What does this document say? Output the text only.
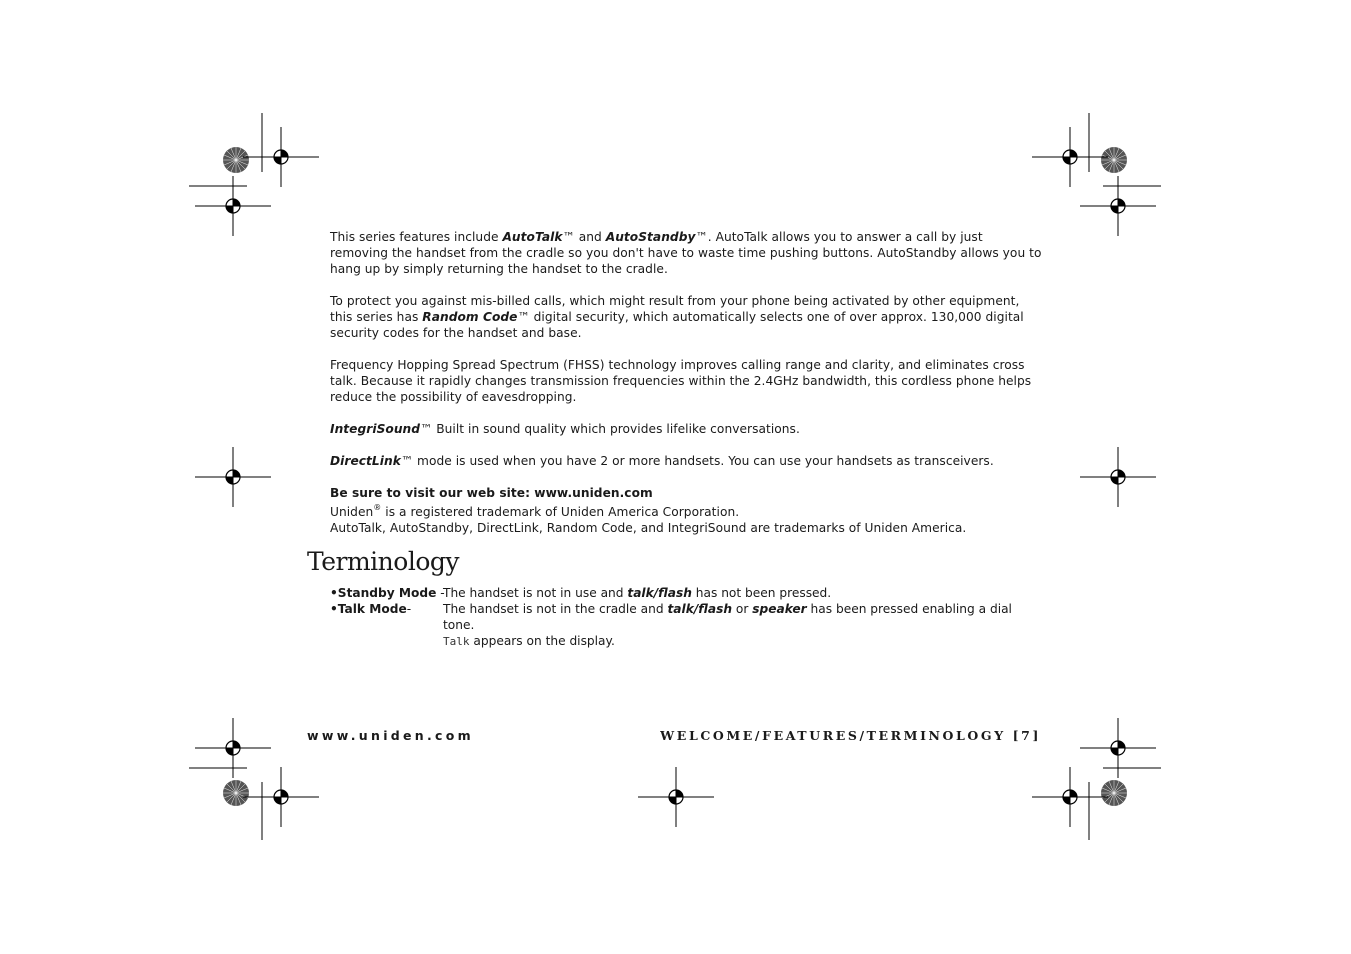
This series features include AutoTalk™ and AutoStandby™. AutoTalk allows you to answer a call by just removing the handset from the cradle so you don't have to waste time pushing buttons. AutoStandby allows you to hang up by simply returning the handset to the cradle.

To protect you against mis-billed calls, which might result from your phone being activated by other equipment, this series has Random Code™ digital security, which automatically selects one of over approx. 130,000 digital security codes for the handset and base.

Frequency Hopping Spread Spectrum (FHSS) technology improves calling range and clarity, and eliminates cross talk. Because it rapidly changes transmission frequencies within the 2.4GHz bandwidth, this cordless phone helps reduce the possibility of eavesdropping.

IntegriSound™ Built in sound quality which provides lifelike conversations.

DirectLink™ mode is used when you have 2 or more handsets. You can use your handsets as transceivers.

Be sure to visit our web site: www.uniden.com

Uniden® is a registered trademark of Uniden America Corporation.

AutoTalk, AutoStandby, DirectLink, Random Code, and IntegriSound are trademarks of Uniden America.

Terminology
•Standby Mode -
The handset is not in use and talk/flash has not been pressed.
•Talk Mode-	The handset is not in the cradle and talk/flash or speaker has been pressed enabling a dial tone.
Talk appears on the display.
www.uniden.com	WELCOME/FEATURES/TERMINOLOGY [7]
